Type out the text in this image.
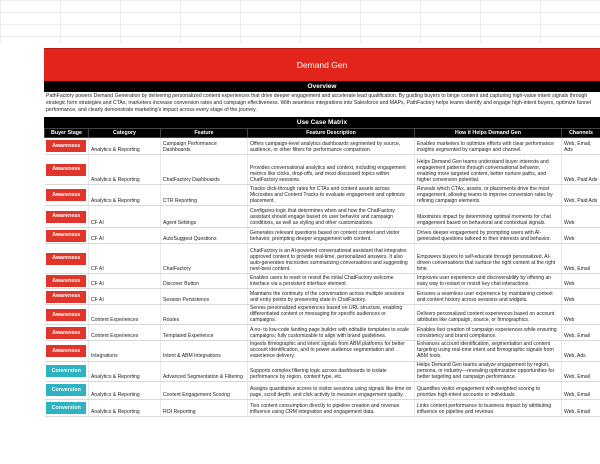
Demand Gen
Overview
PathFactory powers Demand Generation by delivering personalized content experiences that drive deeper engagement and accelerate lead qualification. By guiding buyers to binge content and capturing high-value intent signals through strategic form strategies and CTAs, marketers increase conversion rates and campaign effectiveness. With seamless integrations into Salesforce and MAPs, PathFactory helps teams identify and engage high-intent buyers, optimize funnel performance, and clearly demonstrate marketing's impact across every stage of the journey.
Use Case Matrix
Buyer Stage	Category	Feature	Feature Description	How it Helps Demand Gen	Channels

Awareness	Analytics & Reporting	Campaign Performance Dashboards	Offers campaign-level analytics dashboards segmented by source, audience, or other filters for performance comparison.	Enables marketers to optimize efforts with clear performance insights segmented by campaign and channel.	Web, Email, Ads

Awareness	Analytics & Reporting	ChatFactory Dashboards	Provides conversational analytics and context, including engagement metrics like clicks, drop-offs, and most discussed topics within ChatFactory sessions.	Helps Demand Gen teams understand buyer interests and engagement patterns through conversational behavior, enabling more targeted content, better nurture paths, and higher conversion potential.	Web, Paid Ads

Awareness	Analytics & Reporting	CTR Reporting	Tracks click-through rates for CTAs and content assets across Microsites and Content Tracks to evaluate engagement and optimize placement.	Reveals which CTAs, assets, or placements drive the most engagement, allowing teams to improve conversion rates by refining campaign elements.	Web, Paid Ads

Awareness	CF AI	Agent Settings	Configures logic that determines when and how the ChatFactory assistant should engage based on user behavior and campaign conditions, as well as styling and other customizations.	Maximizes impact by determining optimal moments for chat engagement based on behavioral and contextual signals.	Web

Awareness	CF AI	AutoSuggest Questions	Generates relevant questions based on content context and visitor behavior, prompting deeper engagement with content.	Drives deeper engagement by prompting users with AI-generated questions tailored to their interests and behavior.	Web

Awareness	CF AI	ChatFactory	ChatFactory is an AI-powered conversational assistant that integrates approved content to provide real-time, personalized answers. It also auto-generates microsites summarizing conversations and suggesting next-best content.	Empowers buyers to self-educate through personalized, AI-driven conversations that surface the right content at the right time.	Web, Email

Awareness	CF AI	Discover Button	Enables users to reset or revisit the initial ChatFactory welcome interface via a persistent interface element.	Improves user experience and discoverability by offering an easy way to restart or revisit key chat interactions.	Web

Awareness	CF AI	Session Persistence	Maintains the continuity of the conversation across multiple sessions and entry points by preserving state in ChatFactory.	Ensures a seamless user experience by maintaining context and content history across sessions and widgets.	Web

Awareness	Content Experiences	Routes	Serves personalized experiences based on URL structure, enabling differentiated content or messaging for specific audiences or campaigns.	Delivers personalized content experiences based on account attributes like campaign, source, or firmographics.	Web

Awareness	Content Experiences	Templated Experience	A no- to low-code landing page builder with editable templates to scale campaigns; fully customizable to align with brand guidelines.	Enables fast creation of campaign experiences while ensuring consistency and brand compliance.	Web, Email

Awareness	Integrations	Intent & ABM Integrations	Ingests firmographic and intent signals from ABM platforms for better account identification, and to power audience segmentation and experience delivery.	Enhances account identification, segmentation and content targeting using real-time intent and firmographic signals from ABM tools.	Web, Ads

Conversion	Analytics & Reporting	Advanced Segmentation & Filtering	Supports complex filtering logic across dashboards to isolate performance by region, content type, etc.	Helps Demand Gen teams analyze engagement by region, persona, or industry—revealing optimization opportunities for better targeting and campaign performance.	Web, Email

Conversion	Analytics & Reporting	Content Engagement Scoring	Assigns quantitative scores to visitor sessions using signals like time on page, scroll depth, and click activity to measure engagement quality.	Quantifies visitor engagement with weighted scoring to prioritize high-intent accounts or individuals.	Web, Email

Conversion	Analytics & Reporting	ROI Reporting	Ties content consumption directly to pipeline creation and revenue influence using CRM integration and engagement data.	Links content performance to business impact by attributing influence on pipeline and revenue.	Web, Email
